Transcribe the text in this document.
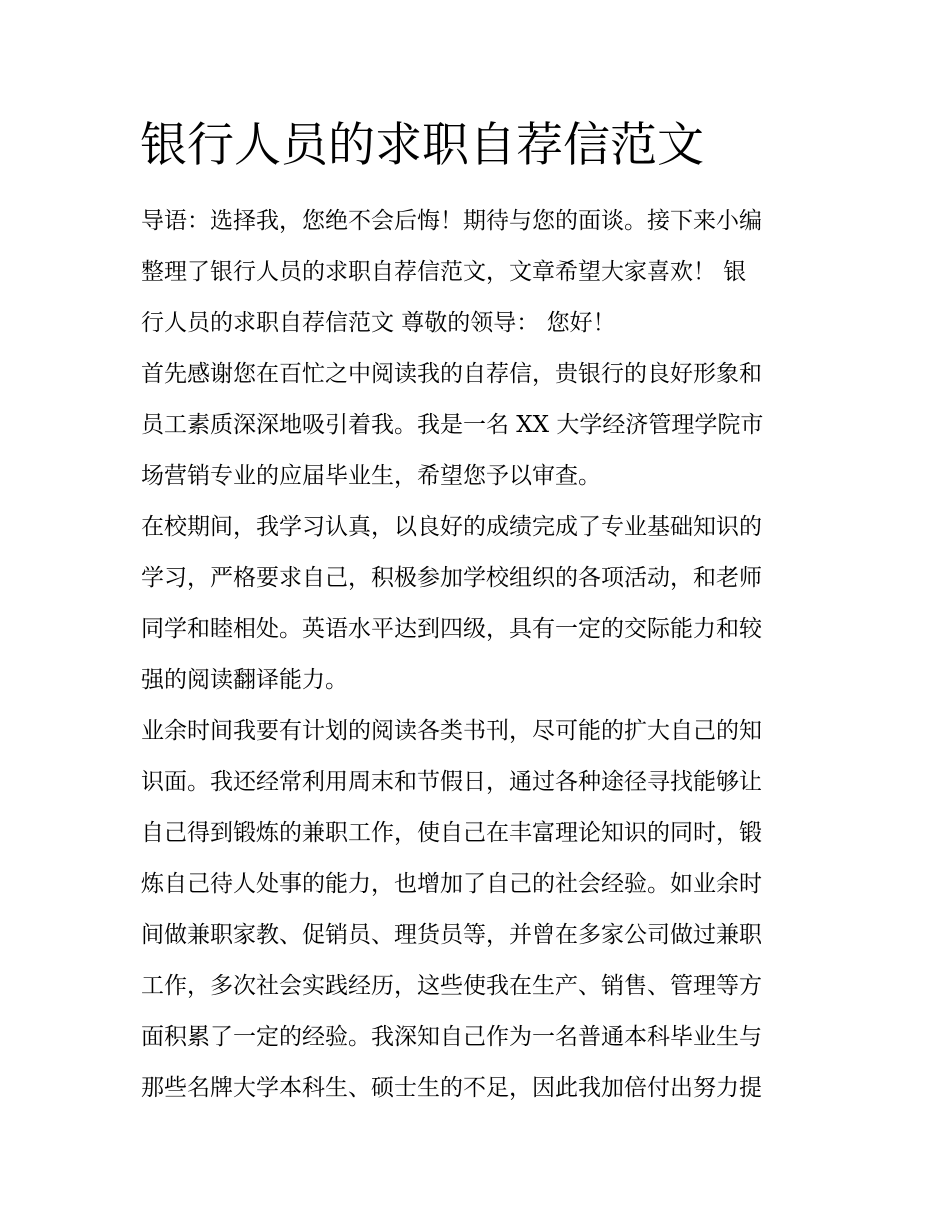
银行人员的求职自荐信范文
导语：选择我，您绝不会后悔！期待与您的面谈。接下来小编
整理了银行人员的求职自荐信范文，文章希望大家喜欢！ 银
行人员的求职自荐信范文 尊敬的领导： 您好！
首先感谢您在百忙之中阅读我的自荐信，贵银行的良好形象和
员工素质深深地吸引着我。我是一名 XX 大学经济管理学院市
场营销专业的应届毕业生，希望您予以审查。
在校期间，我学习认真，以良好的成绩完成了专业基础知识的
学习，严格要求自己，积极参加学校组织的各项活动，和老师
同学和睦相处。英语水平达到四级，具有一定的交际能力和较
强的阅读翻译能力。
业余时间我要有计划的阅读各类书刊，尽可能的扩大自己的知
识面。我还经常利用周末和节假日，通过各种途径寻找能够让
自己得到锻炼的兼职工作，使自己在丰富理论知识的同时，锻
炼自己待人处事的能力，也增加了自己的社会经验。如业余时
间做兼职家教、促销员、理货员等，并曾在多家公司做过兼职
工作，多次社会实践经历，这些使我在生产、销售、管理等方
面积累了一定的经验。我深知自己作为一名普通本科毕业生与
那些名牌大学本科生、硕士生的不足，因此我加倍付出努力提
